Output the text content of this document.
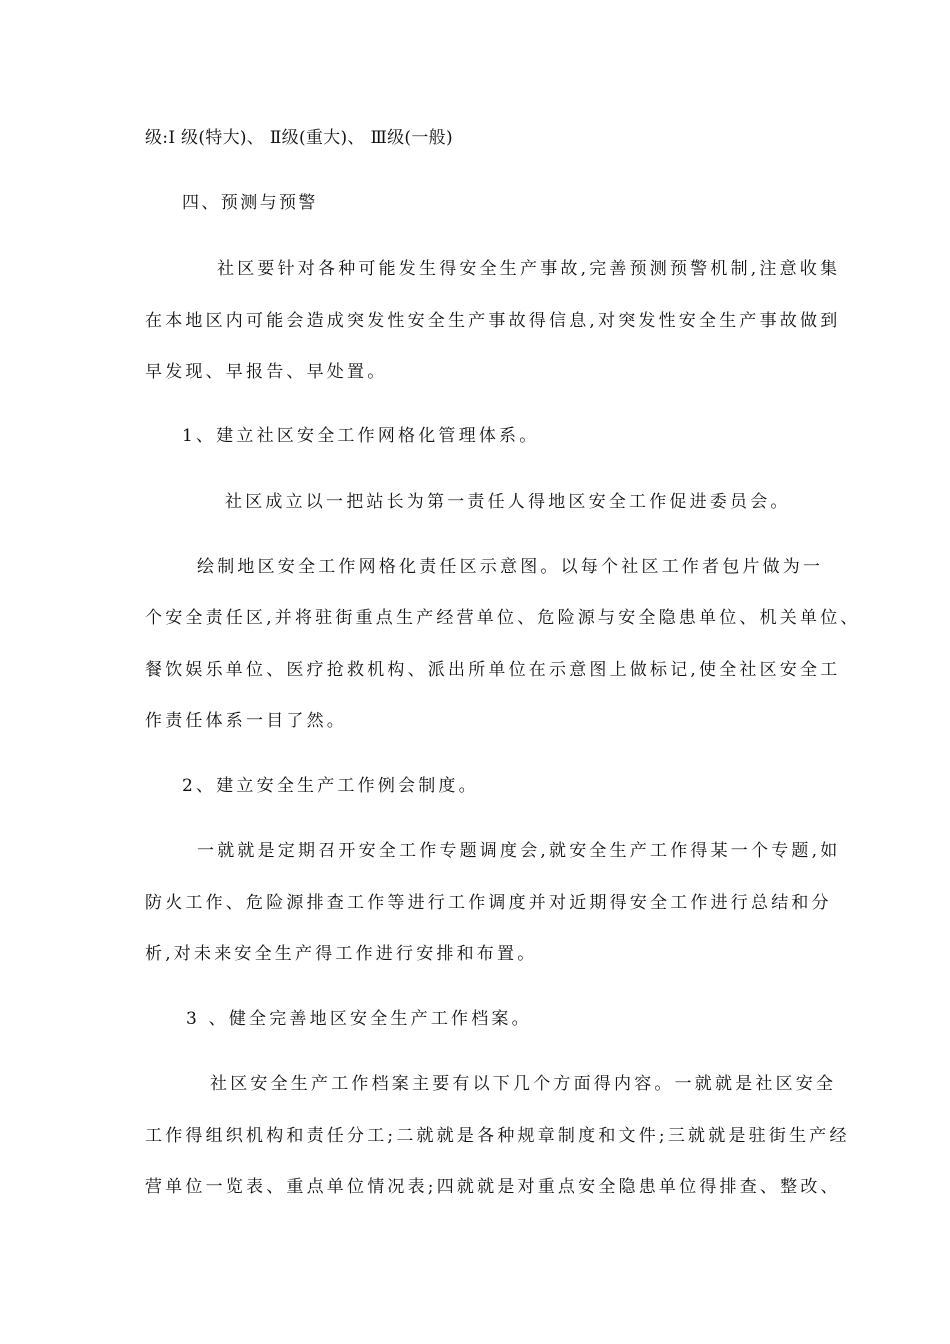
级:Ⅰ 级(特大)、 Ⅱ级(重大)、 Ⅲ级(一般)
四、预测与预警
社区要针对各种可能发生得安全生产事故,完善预测预警机制,注意收集
在本地区内可能会造成突发性安全生产事故得信息,对突发性安全生产事故做到
早发现、早报告、早处置。
1、建立社区安全工作网格化管理体系。
社区成立以一把站长为第一责任人得地区安全工作促进委员会。
绘制地区安全工作网格化责任区示意图。以每个社区工作者包片做为一
个安全责任区,并将驻街重点生产经营单位、危险源与安全隐患单位、机关单位、
餐饮娱乐单位、医疗抢救机构、派出所单位在示意图上做标记,使全社区安全工
作责任体系一目了然。
2、建立安全生产工作例会制度。
一就就是定期召开安全工作专题调度会,就安全生产工作得某一个专题,如
防火工作、危险源排查工作等进行工作调度并对近期得安全工作进行总结和分
析,对未来安全生产得工作进行安排和布置。
3 、健全完善地区安全生产工作档案。
社区安全生产工作档案主要有以下几个方面得内容。一就就是社区安全
工作得组织机构和责任分工;二就就是各种规章制度和文件;三就就是驻街生产经
营单位一览表、重点单位情况表;四就就是对重点安全隐患单位得排查、整改、
